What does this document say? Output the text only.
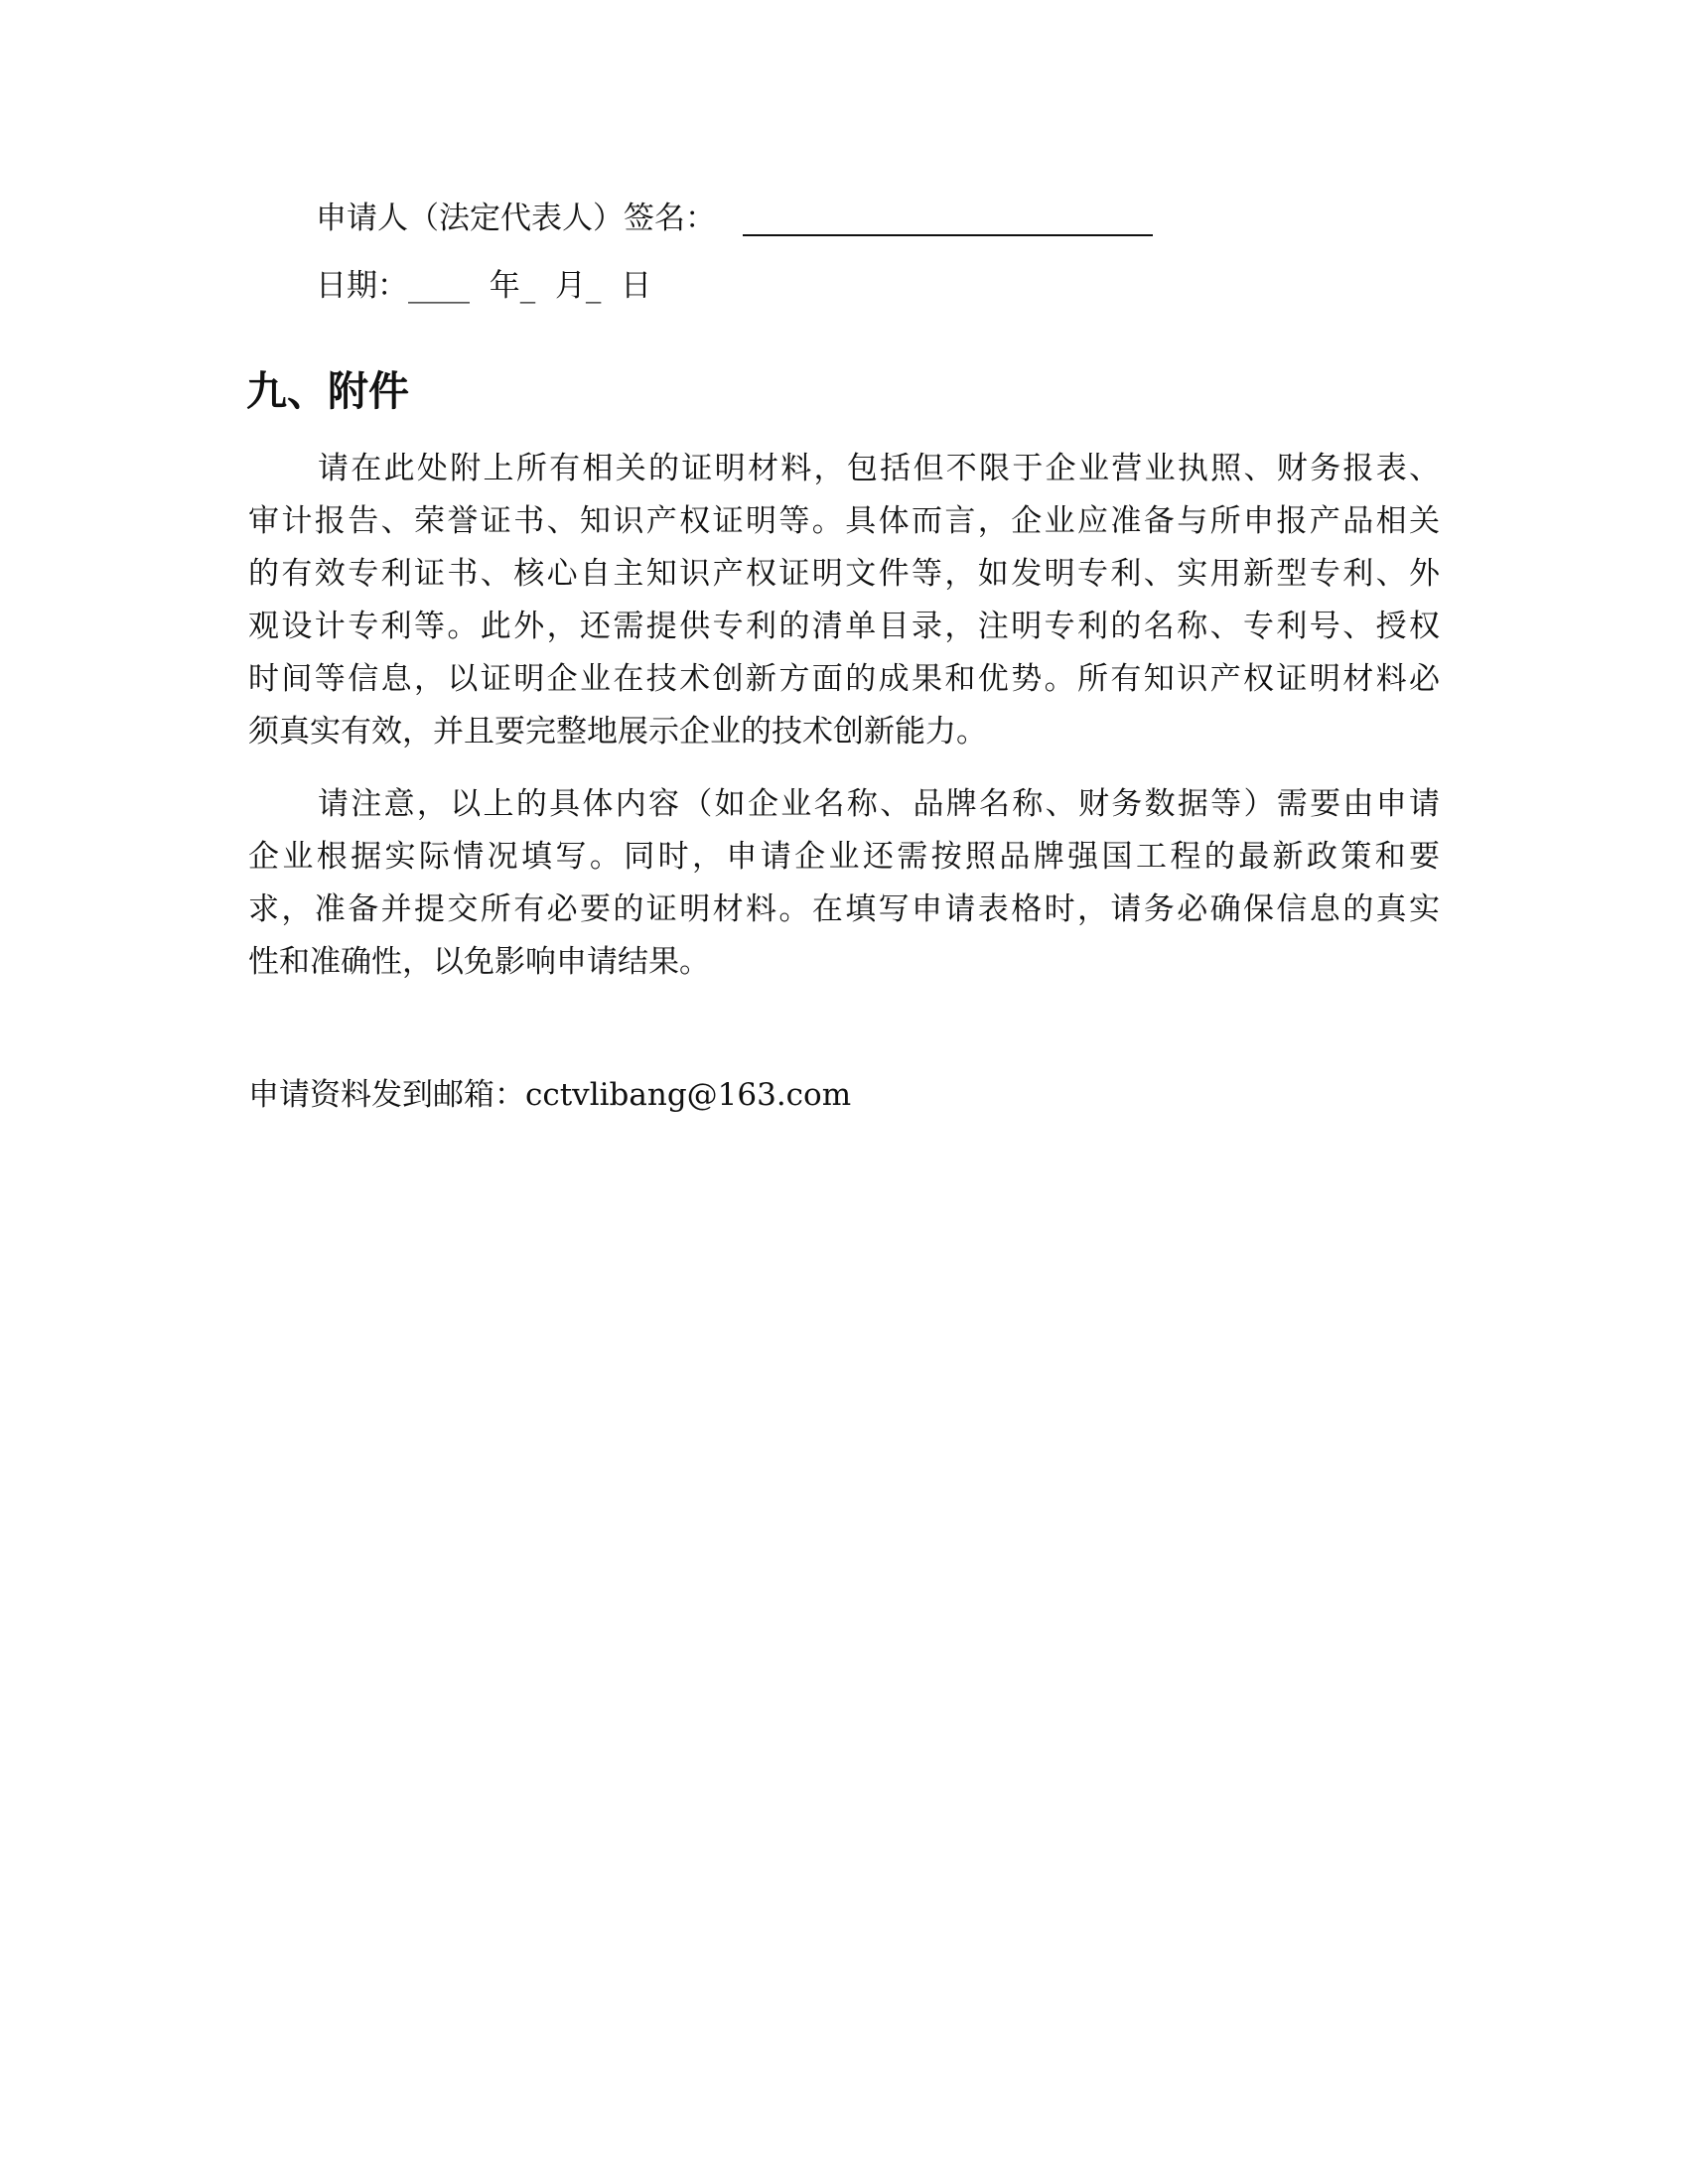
申请人（法定代表人）签名：
日期：____ 年_ 月_ 日
九、附件
请在此处附上所有相关的证明材料，包括但不限于企业营业执照、财务报表、
审计报告、荣誉证书、知识产权证明等。具体而言，企业应准备与所申报产品相关
的有效专利证书、核心自主知识产权证明文件等，如发明专利、实用新型专利、外
观设计专利等。此外，还需提供专利的清单目录，注明专利的名称、专利号、授权
时间等信息，以证明企业在技术创新方面的成果和优势。所有知识产权证明材料必
须真实有效，并且要完整地展示企业的技术创新能力。
请注意，以上的具体内容（如企业名称、品牌名称、财务数据等）需要由申请
企业根据实际情况填写。同时，申请企业还需按照品牌强国工程的最新政策和要
求，准备并提交所有必要的证明材料。在填写申请表格时，请务必确保信息的真实
性和准确性，以免影响申请结果。
申请资料发到邮箱：cctvlibang@163.com
